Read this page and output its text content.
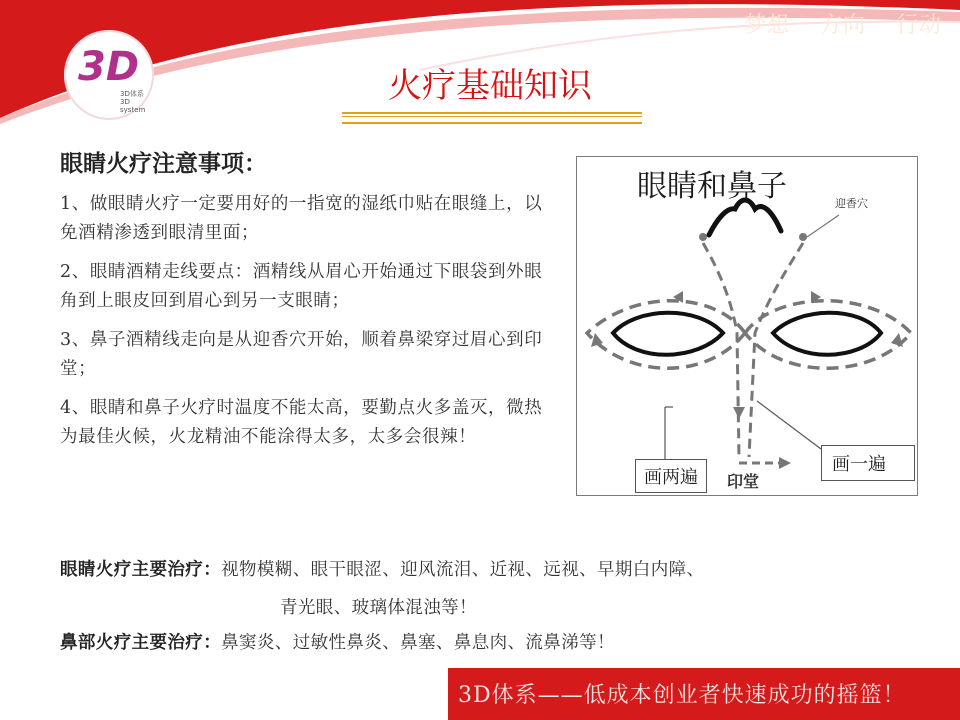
梦想 方向 行动
3D
3D体系
3D system
火疗基础知识
眼睛火疗注意事项：

1、做眼睛火疗一定要用好的一指宽的湿纸巾贴在眼缝上，以免酒精渗透到眼清里面；

2、眼睛酒精走线要点：酒精线从眉心开始通过下眼袋到外眼角到上眼皮回到眉心到另一支眼睛；

3、鼻子酒精线走向是从迎香穴开始，顺着鼻梁穿过眉心到印堂；

4、眼睛和鼻子火疗时温度不能太高，要勤点火多盖灭，微热为最佳火候，火龙精油不能涂得太多，太多会很辣！

眼睛和鼻子	迎香穴
印堂
画两遍
画一遍
眼睛火疗主要治疗：视物模糊、眼干眼涩、迎风流泪、近视、远视、早期白内障、
青光眼、玻璃体混浊等！
鼻部火疗主要治疗：鼻窦炎、过敏性鼻炎、鼻塞、鼻息肉、流鼻涕等！
3D体系——低成本创业者快速成功的摇篮！
